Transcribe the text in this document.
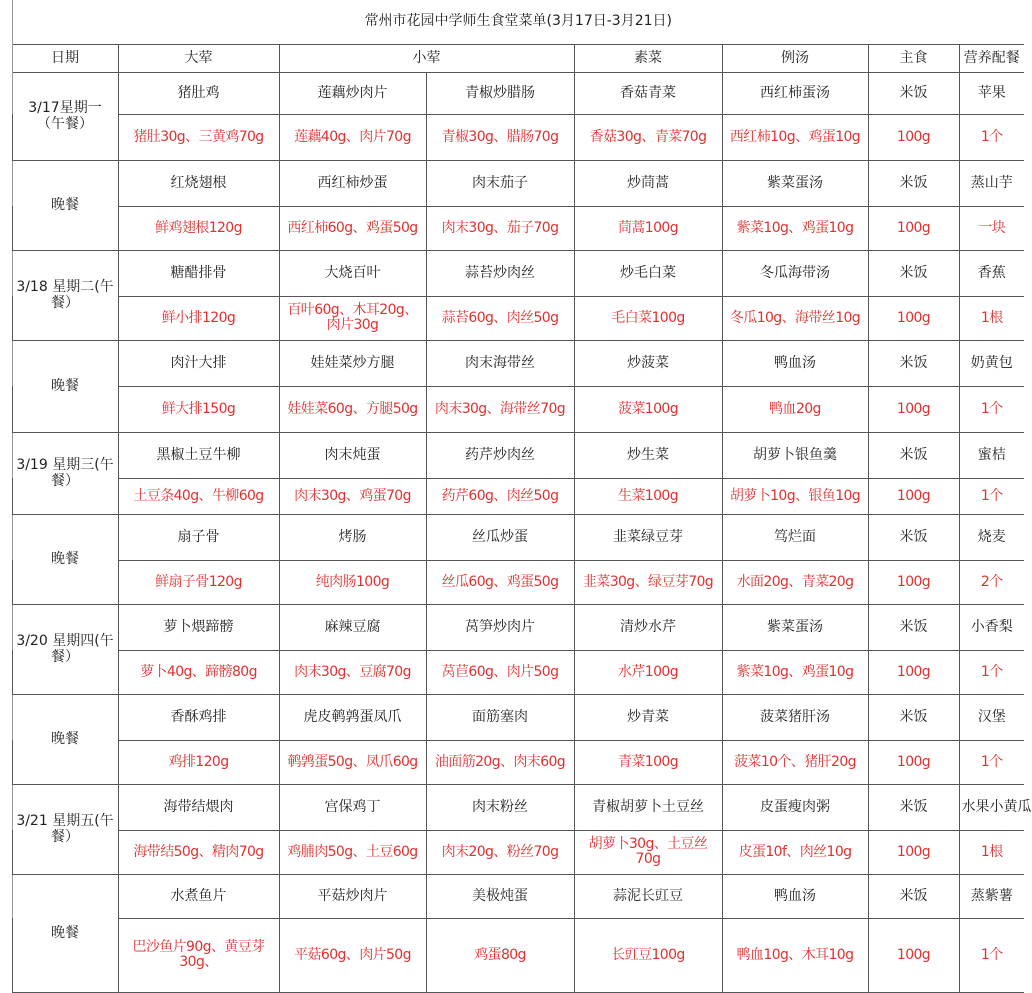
	常州市花园中学师生食堂菜单(3月17日-3月21日)							
	日期	大荤	小荤		素菜	例汤	主食	营养配餐
	3/17星期一（午餐）	猪肚鸡	莲藕炒肉片	青椒炒腊肠	香菇青菜	西红柿蛋汤	米饭	苹果
		猪肚30g、三黄鸡70g	莲藕40g、肉片70g	青椒30g、腊肠70g	香菇30g、青菜70g	西红柿10g、鸡蛋10g	100g	1个
	晚餐	红烧翅根	西红柿炒蛋	肉末茄子	炒茼蒿	紫菜蛋汤	米饭	蒸山芋
		鲜鸡翅根120g	西红柿60g、鸡蛋50g	肉末30g、茄子70g	茼蒿100g	紫菜10g、鸡蛋10g	100g	一块
	3/18 星期二(午餐）	糖醋排骨	大烧百叶	蒜苔炒肉丝	炒毛白菜	冬瓜海带汤	米饭	香蕉
		鲜小排120g	百叶60g、木耳20g、肉片30g	蒜苔60g、肉丝50g	毛白菜100g	冬瓜10g、海带丝10g	100g	1根
	晚餐	肉汁大排	娃娃菜炒方腿	肉末海带丝	炒菠菜	鸭血汤	米饭	奶黄包
		鲜大排150g	娃娃菜60g、方腿50g	肉末30g、海带丝70g	菠菜100g	鸭血20g	100g	1个
	3/19 星期三(午餐）	黑椒土豆牛柳	肉末炖蛋	药芹炒肉丝	炒生菜	胡萝卜银鱼羹	米饭	蜜桔
		土豆条40g、牛柳60g	肉末30g、鸡蛋70g	药芹60g、肉丝50g	生菜100g	胡萝卜10g、银鱼10g	100g	1个
	晚餐	扇子骨	烤肠	丝瓜炒蛋	韭菜绿豆芽	笃烂面	米饭	烧麦
		鲜扇子骨120g	纯肉肠100g	丝瓜60g、鸡蛋50g	韭菜30g、绿豆芽70g	水面20g、青菜20g	100g	2个
	3/20 星期四(午餐）	萝卜煨蹄髈	麻辣豆腐	莴笋炒肉片	清炒水芹	紫菜蛋汤	米饭	小香梨
		萝卜40g、蹄髈80g	肉末30g、豆腐70g	莴苣60g、肉片50g	水芹100g	紫菜10g、鸡蛋10g	100g	1个
	晚餐	香酥鸡排	虎皮鹌鹑蛋凤爪	面筋塞肉	炒青菜	菠菜猪肝汤	米饭	汉堡
		鸡排120g	鹌鹑蛋50g、凤爪60g	油面筋20g、肉末60g	青菜100g	菠菜10个、猪肝20g	100g	1个
	3/21 星期五(午餐）	海带结煨肉	宫保鸡丁	肉末粉丝	青椒胡萝卜土豆丝	皮蛋瘦肉粥	米饭	水果小黄瓜
		海带结50g、精肉70g	鸡脯肉50g、土豆60g	肉末20g、粉丝70g	胡萝卜30g、土豆丝70g	皮蛋10f、肉丝10g	100g	1根
	晚餐	水煮鱼片	平菇炒肉片	美极炖蛋	蒜泥长豇豆	鸭血汤	米饭	蒸紫薯
		巴沙鱼片90g、黄豆芽30g、	平菇60g、肉片50g	鸡蛋80g	长豇豆100g	鸭血10g、木耳10g	100g	1个
